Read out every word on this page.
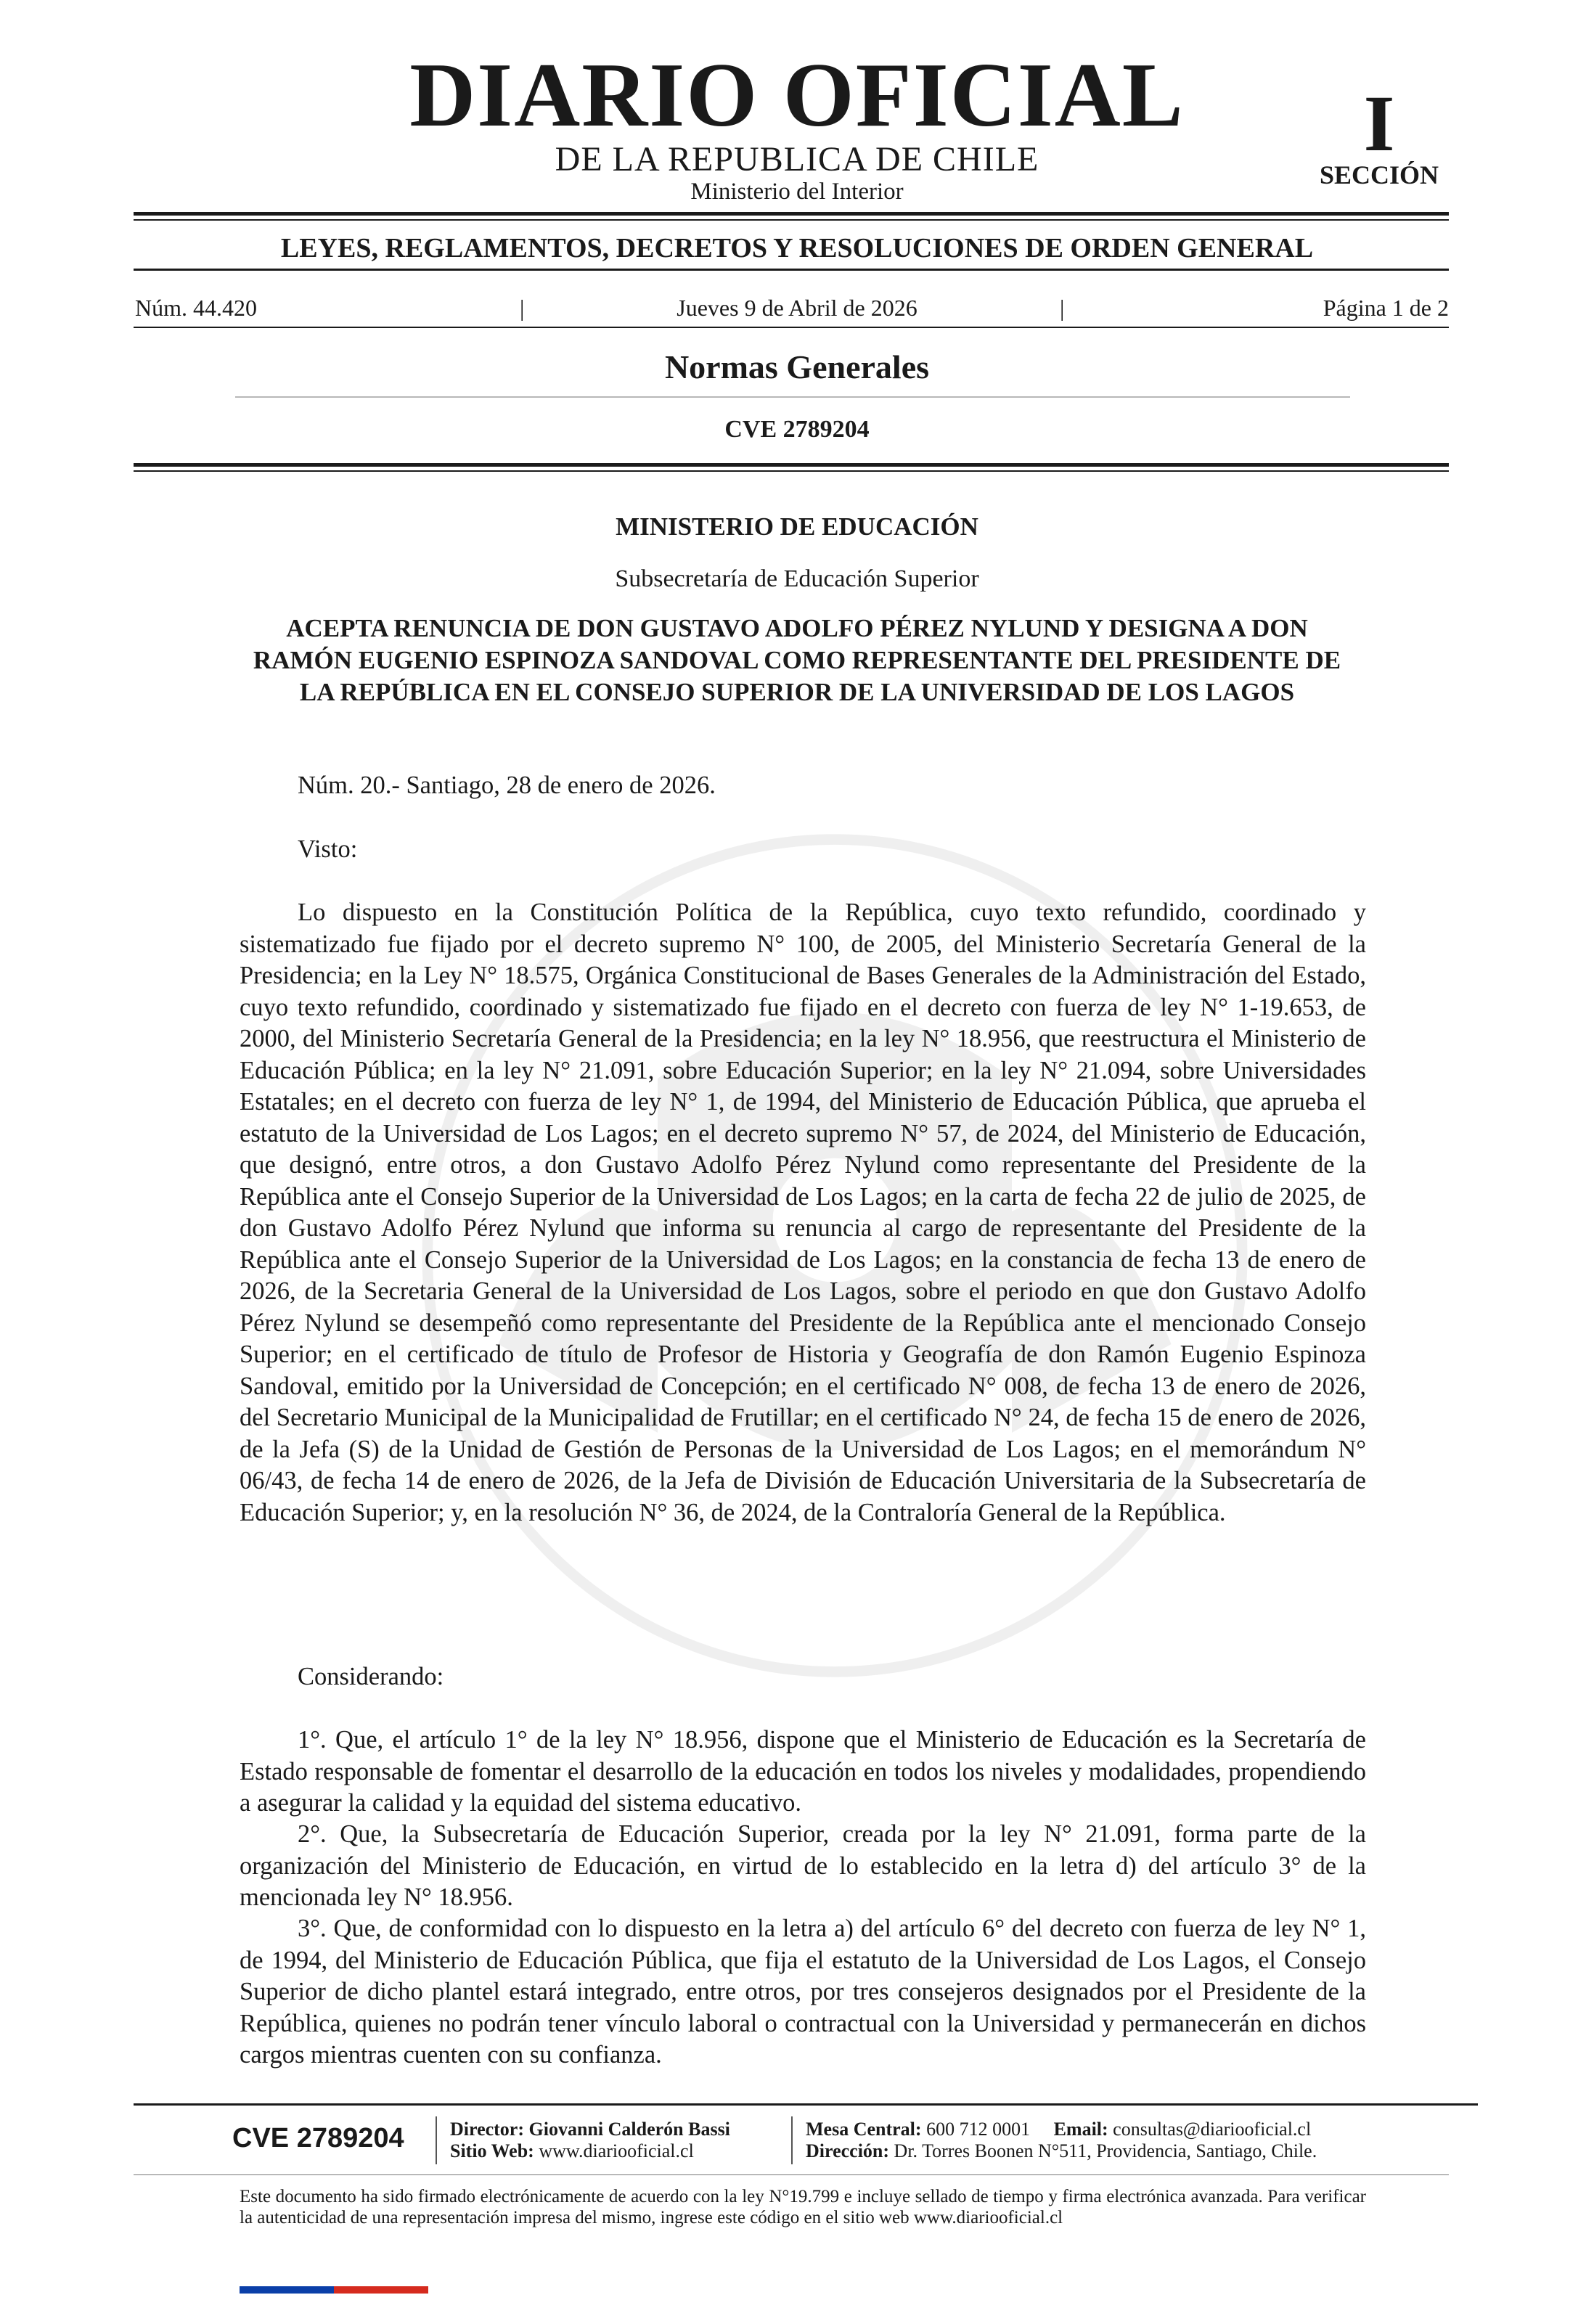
DIARIO OFICIAL
DE LA REPUBLICA DE CHILE
Ministerio del Interior
I
SECCIÓN
LEYES, REGLAMENTOS, DECRETOS Y RESOLUCIONES DE ORDEN GENERAL
Núm. 44.420	|	Jueves 9 de Abril de 2026	|	Página 1 de 2
Normas Generales
CVE 2789204
MINISTERIO DE EDUCACIÓN
Subsecretaría de Educación Superior
ACEPTA RENUNCIA DE DON GUSTAVO ADOLFO PÉREZ NYLUND Y DESIGNA A DON RAMÓN EUGENIO ESPINOZA SANDOVAL COMO REPRESENTANTE DEL PRESIDENTE DE LA REPÚBLICA EN EL CONSEJO SUPERIOR DE LA UNIVERSIDAD DE LOS LAGOS
Núm. 20.- Santiago, 28 de enero de 2026.
Visto:
Lo dispuesto en la Constitución Política de la República, cuyo texto refundido, coordinado y sistematizado fue fijado por el decreto supremo N° 100, de 2005, del Ministerio Secretaría General de la Presidencia; en la Ley N° 18.575, Orgánica Constitucional de Bases Generales de la Administración del Estado, cuyo texto refundido, coordinado y sistematizado fue fijado en el decreto con fuerza de ley N° 1-19.653, de 2000, del Ministerio Secretaría General de la Presidencia; en la ley N° 18.956, que reestructura el Ministerio de Educación Pública; en la ley N° 21.091, sobre Educación Superior; en la ley N° 21.094, sobre Universidades Estatales; en el decreto con fuerza de ley N° 1, de 1994, del Ministerio de Educación Pública, que aprueba el estatuto de la Universidad de Los Lagos; en el decreto supremo N° 57, de 2024, del Ministerio de Educación, que designó, entre otros, a don Gustavo Adolfo Pérez Nylund como representante del Presidente de la República ante el Consejo Superior de la Universidad de Los Lagos; en la carta de fecha 22 de julio de 2025, de don Gustavo Adolfo Pérez Nylund que informa su renuncia al cargo de representante del Presidente de la República ante el Consejo Superior de la Universidad de Los Lagos; en la constancia de fecha 13 de enero de 2026, de la Secretaria General de la Universidad de Los Lagos, sobre el periodo en que don Gustavo Adolfo Pérez Nylund se desempeñó como representante del Presidente de la República ante el mencionado Consejo Superior; en el certificado de título de Profesor de Historia y Geografía de don Ramón Eugenio Espinoza Sandoval, emitido por la Universidad de Concepción; en el certificado N° 008, de fecha 13 de enero de 2026, del Secretario Municipal de la Municipalidad de Frutillar; en el certificado N° 24, de fecha 15 de enero de 2026, de la Jefa (S) de la Unidad de Gestión de Personas de la Universidad de Los Lagos; en el memorándum N° 06/43, de fecha 14 de enero de 2026, de la Jefa de División de Educación Universitaria de la Subsecretaría de Educación Superior; y, en la resolución N° 36, de 2024, de la Contraloría General de la República.
Considerando:
1°. Que, el artículo 1° de la ley N° 18.956, dispone que el Ministerio de Educación es la Secretaría de Estado responsable de fomentar el desarrollo de la educación en todos los niveles y modalidades, propendiendo a asegurar la calidad y la equidad del sistema educativo.
2°. Que, la Subsecretaría de Educación Superior, creada por la ley N° 21.091, forma parte de la organización del Ministerio de Educación, en virtud de lo establecido en la letra d) del artículo 3° de la mencionada ley N° 18.956.
3°. Que, de conformidad con lo dispuesto en la letra a) del artículo 6° del decreto con fuerza de ley N° 1, de 1994, del Ministerio de Educación Pública, que fija el estatuto de la Universidad de Los Lagos, el Consejo Superior de dicho plantel estará integrado, entre otros, por tres consejeros designados por el Presidente de la República, quienes no podrán tener vínculo laboral o contractual con la Universidad y permanecerán en dichos cargos mientras cuenten con su confianza.
CVE 2789204 Director: Giovanni Calderón Bassi
Sitio Web: www.diariooficial.cl
Mesa Central: 600 712 0001 Email: consultas@diariooficial.cl
Dirección: Dr. Torres Boonen N°511, Providencia, Santiago, Chile.
Este documento ha sido firmado electrónicamente de acuerdo con la ley N°19.799 e incluye sellado de tiempo y firma electrónica avanzada. Para verificar la autenticidad de una representación impresa del mismo, ingrese este código en el sitio web www.diariooficial.cl
